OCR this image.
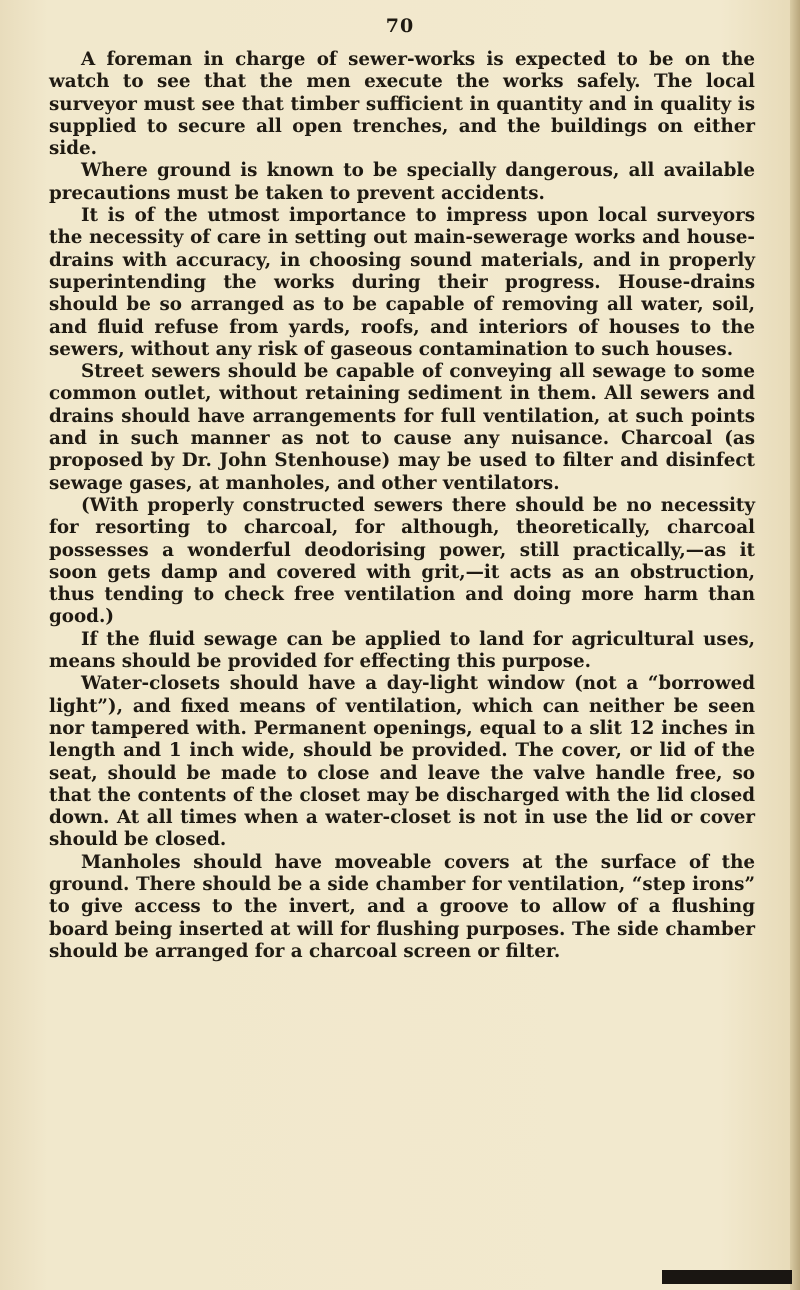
70

A foreman in charge of sewer-works is expected to be on the watch to see that the men execute the works safely. The local surveyor must see that timber sufficient in quantity and in quality is supplied to secure all open trenches, and the buildings on either side.

Where ground is known to be specially dangerous, all available precautions must be taken to prevent accidents.

It is of the utmost importance to impress upon local surveyors the necessity of care in setting out main-sewerage works and house-drains with accuracy, in choosing sound materials, and in properly superintending the works during their progress. House-drains should be so arranged as to be capable of removing all water, soil, and fluid refuse from yards, roofs, and interiors of houses to the sewers, without any risk of gaseous contamination to such houses.

Street sewers should be capable of conveying all sewage to some common outlet, without retaining sediment in them. All sewers and drains should have arrangements for full ventilation, at such points and in such manner as not to cause any nuisance. Charcoal (as proposed by Dr. John Stenhouse) may be used to filter and disinfect sewage gases, at manholes, and other ventilators.

(With properly constructed sewers there should be no necessity for resorting to charcoal, for although, theoretically, charcoal possesses a wonderful deodorising power, still practically,—as it soon gets damp and covered with grit,—it acts as an obstruction, thus tending to check free ventilation and doing more harm than good.)

If the fluid sewage can be applied to land for agricultural uses, means should be provided for effecting this purpose.

Water-closets should have a day-light window (not a “borrowed light”), and fixed means of ventilation, which can neither be seen nor tampered with. Permanent openings, equal to a slit 12 inches in length and 1 inch wide, should be provided. The cover, or lid of the seat, should be made to close and leave the valve handle free, so that the contents of the closet may be discharged with the lid closed down. At all times when a water-closet is not in use the lid or cover should be closed.

Manholes should have moveable covers at the surface of the ground. There should be a side chamber for ventilation, “step irons” to give access to the invert, and a groove to allow of a flushing board being inserted at will for flushing purposes. The side chamber should be arranged for a charcoal screen or filter.
